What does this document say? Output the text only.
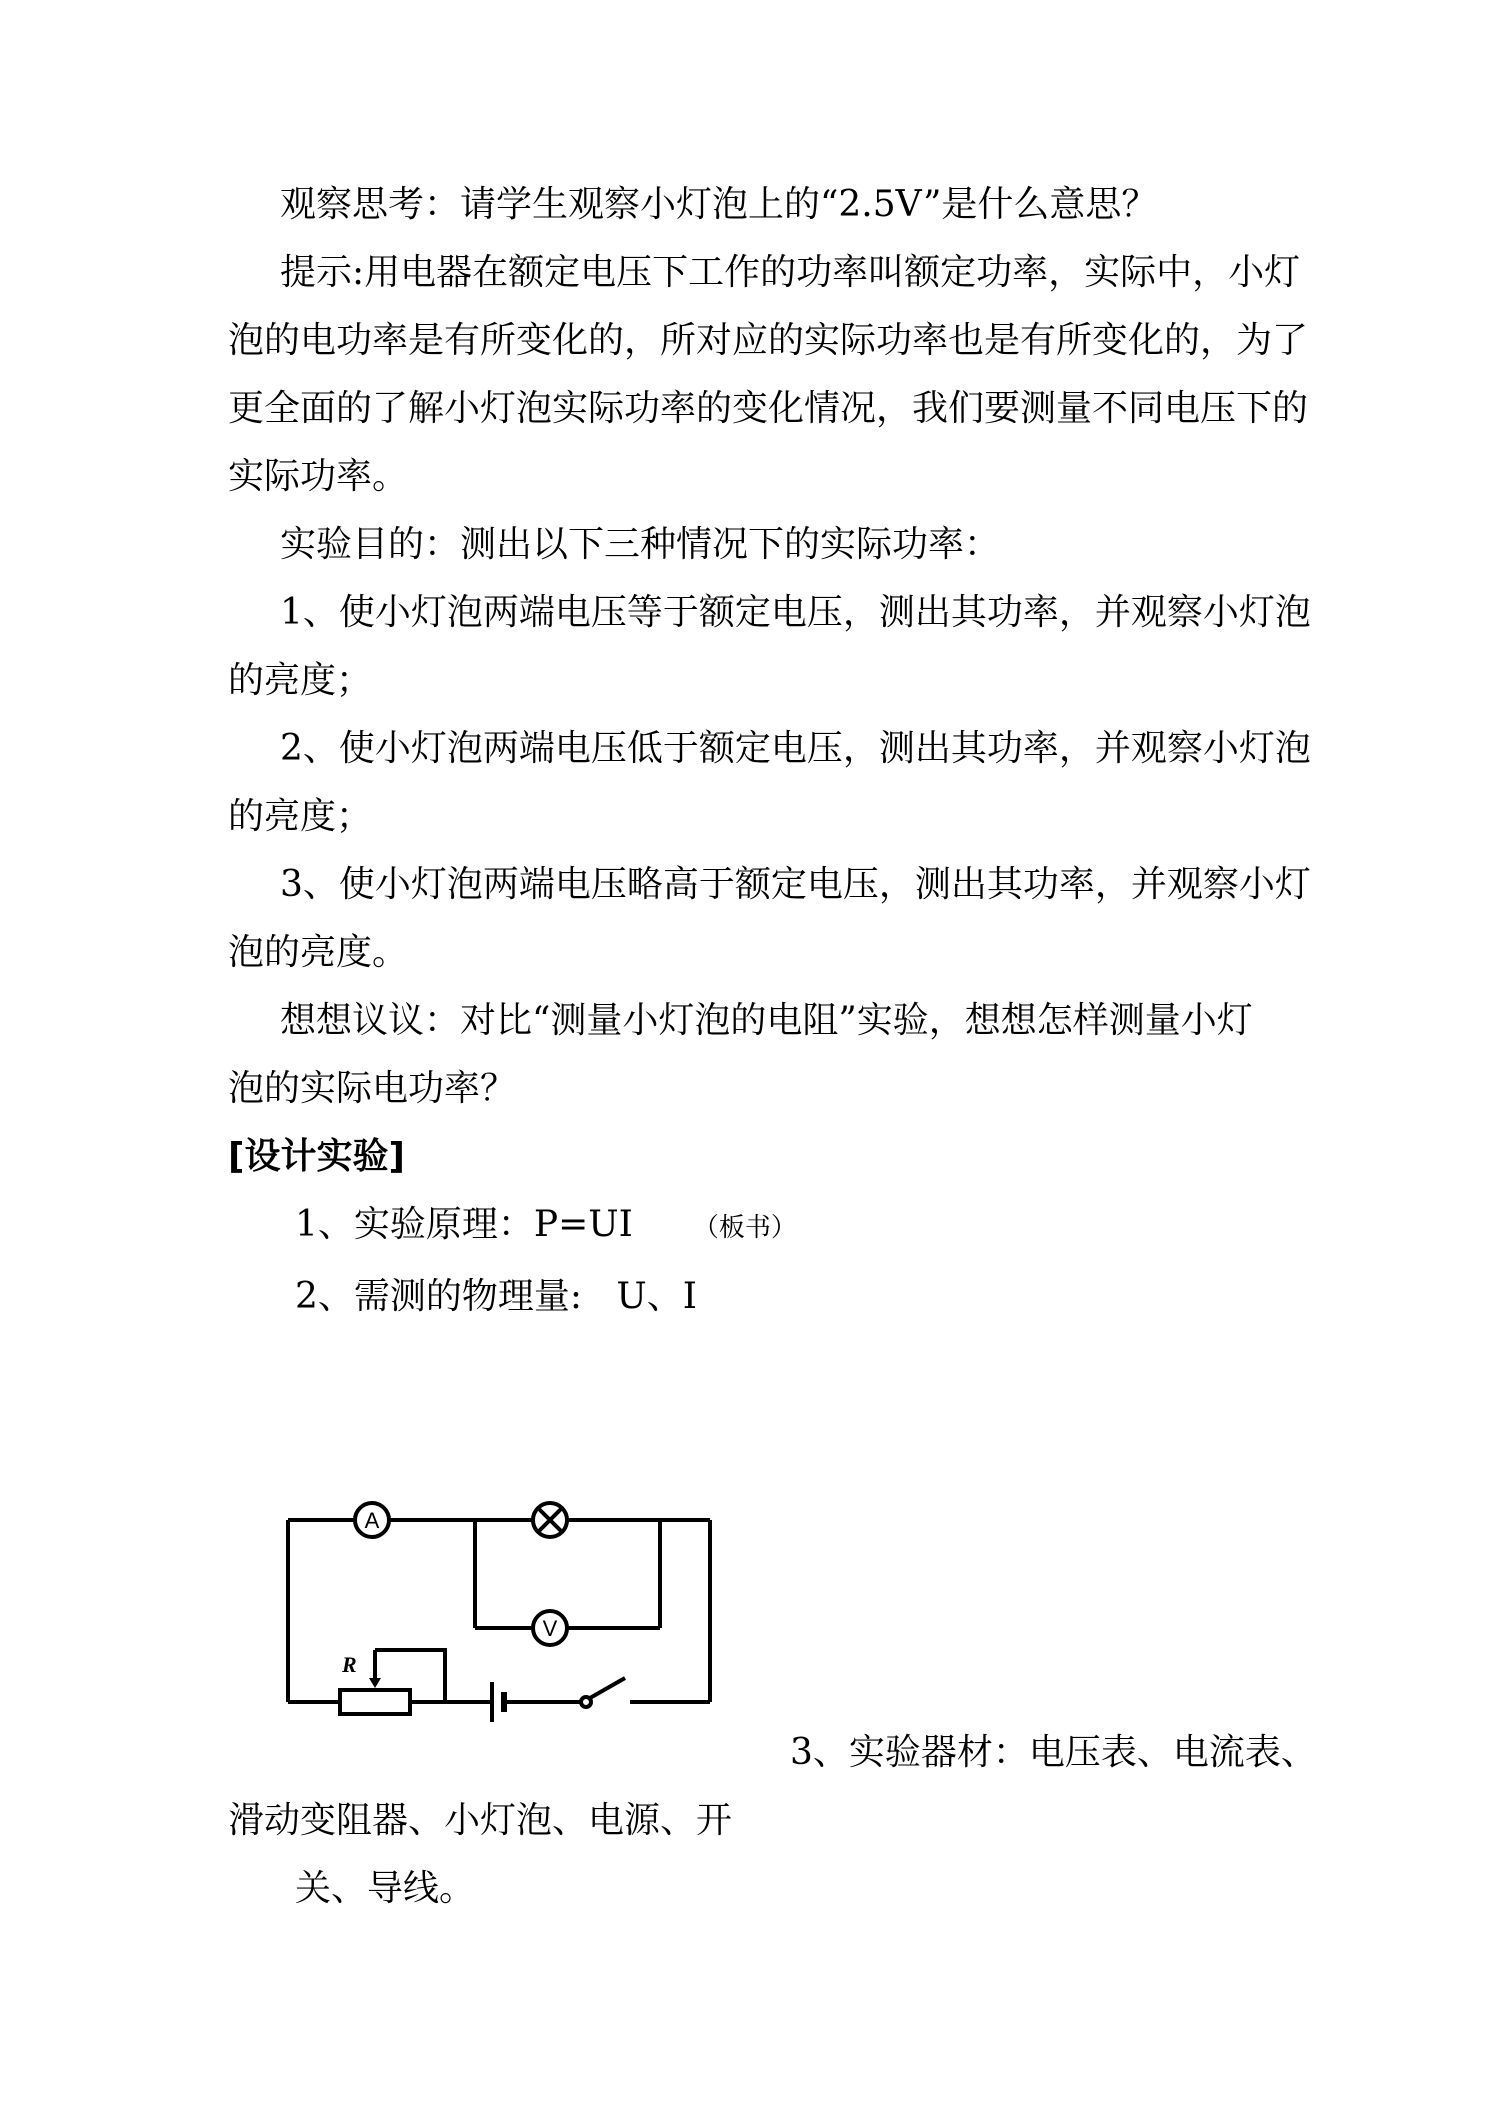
观察思考：请学生观察小灯泡上的“2.5V”是什么意思？
提示:用电器在额定电压下工作的功率叫额定功率，实际中，小灯
泡的电功率是有所变化的，所对应的实际功率也是有所变化的，为了
更全面的了解小灯泡实际功率的变化情况，我们要测量不同电压下的
实际功率。
实验目的：测出以下三种情况下的实际功率：
1、使小灯泡两端电压等于额定电压，测出其功率，并观察小灯泡
的亮度；
2、使小灯泡两端电压低于额定电压，测出其功率，并观察小灯泡
的亮度；
3、使小灯泡两端电压略高于额定电压，测出其功率，并观察小灯
泡的亮度。
想想议议：对比“测量小灯泡的电阻”实验，想想怎样测量小灯
泡的实际电功率？
[设计实验]
1、实验原理：P=UI （板书）
2、需测的物理量:   U、I
A
V
R
3、实验器材：电压表、电流表、
滑动变阻器、小灯泡、电源、开
关、导线。
